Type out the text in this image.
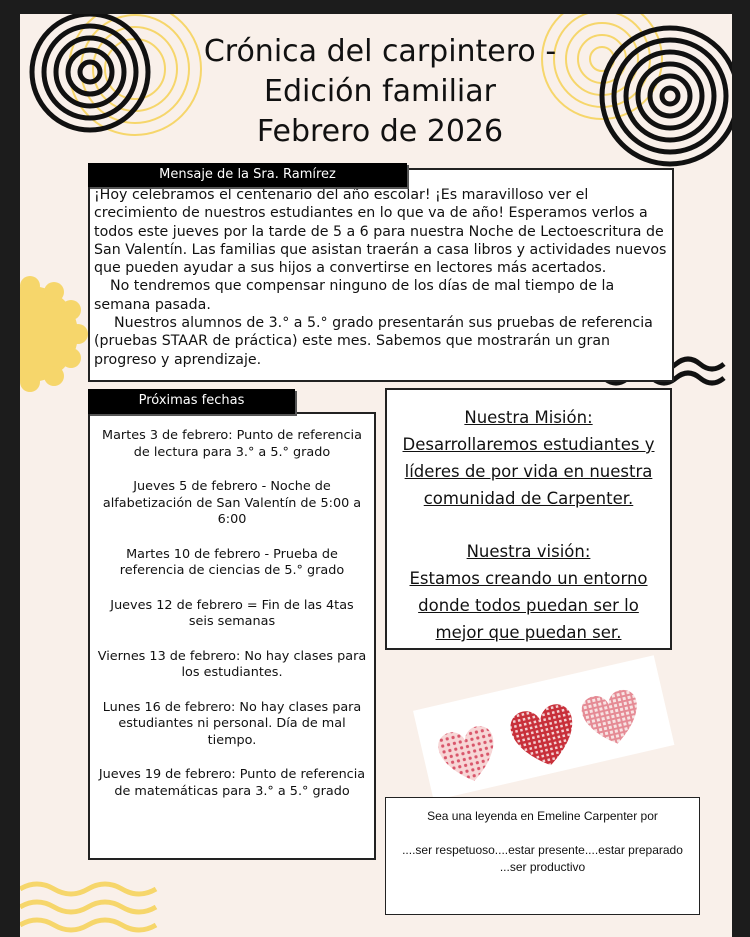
Crónica del carpintero -
Edición familiar
Febrero de 2026

¡Hoy celebramos el centenario del año escolar! ¡Es maravilloso ver el crecimiento de nuestros estudiantes en lo que va de año! Esperamos verlos a todos este jueves por la tarde de 5 a 6 para nuestra Noche de Lectoescritura de San Valentín. Las familias que asistan traerán a casa libros y actividades nuevos que pueden ayudar a sus hijos a convertirse en lectores más acertados.

No tendremos que compensar ninguno de los días de mal tiempo de la semana pasada.

Nuestros alumnos de 3.° a 5.° grado presentarán sus pruebas de referencia (pruebas STAAR de práctica) este mes. Sabemos que mostrarán un gran progreso y aprendizaje.

Mensaje de la Sra. Ramírez
Martes 3 de febrero: Punto de referencia de lectura para 3.° a 5.° grado
Jueves 5 de febrero - Noche de alfabetización de San Valentín de 5:00 a 6:00
Martes 10 de febrero - Prueba de referencia de ciencias de 5.° grado
Jueves 12 de febrero = Fin de las 4tas seis semanas
Viernes 13 de febrero: No hay clases para los estudiantes.
Lunes 16 de febrero: No hay clases para estudiantes ni personal. Día de mal tiempo.
Jueves 19 de febrero: Punto de referencia de matemáticas para 3.° a 5.° grado
Próximas fechas
Nuestra Misión:
Desarrollaremos estudiantes y líderes de por vida en nuestra comunidad de Carpenter.
Nuestra visión:
Estamos creando un entorno donde todos puedan ser lo mejor que puedan ser.

Sea una leyenda en Emeline Carpenter por

....ser respetuoso....estar presente....estar preparado

...ser productivo
